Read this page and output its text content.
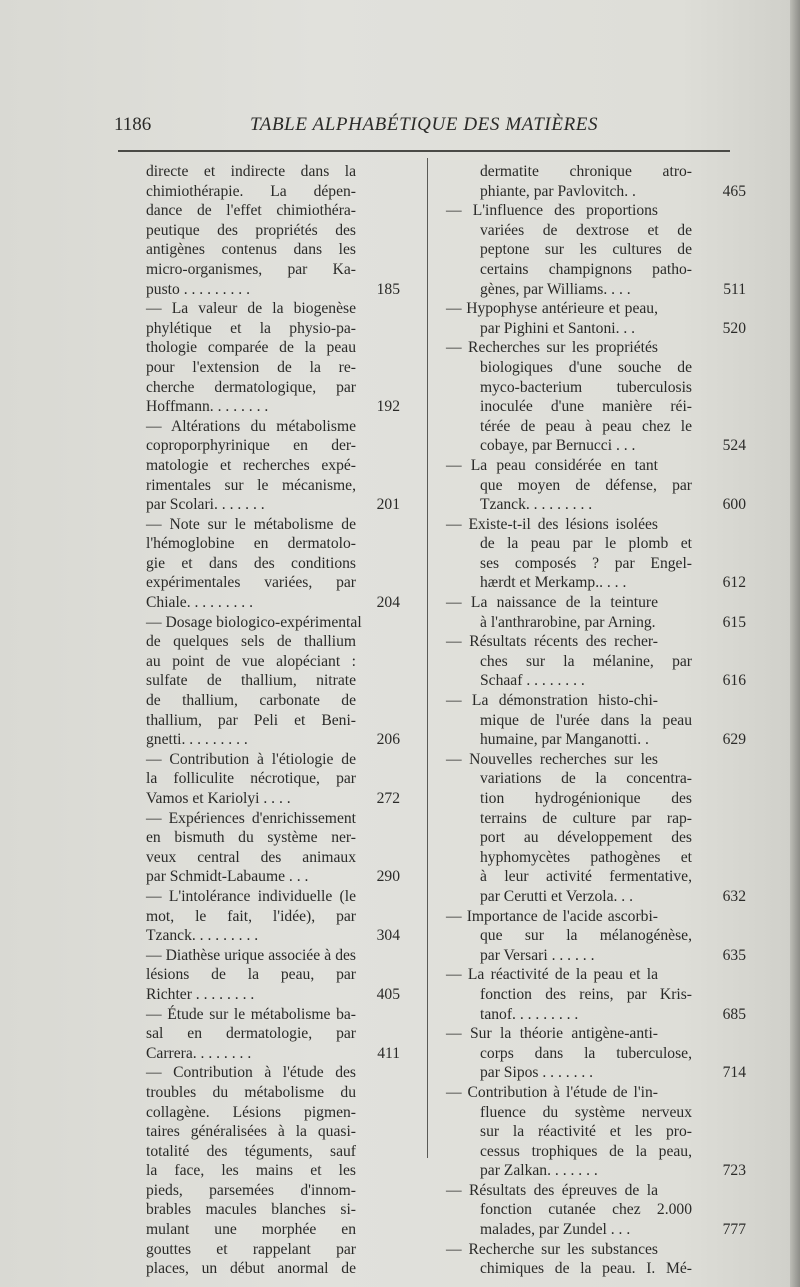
1186	TABLE ALPHABÉTIQUE DES MATIÈRES
directe et indirecte dans la
chimiothérapie. La dépen-
dance de l'effet chimiothéra-
peutique des propriétés des
antigènes contenus dans les
micro-organismes, par Ka-
pusto . . . . . . . . .	185
— La valeur de la biogenèse
phylétique et la physio-pa-
thologie comparée de la peau
pour l'extension de la re-
cherche dermatologique, par
Hoffmann. . . . . . . .	192
— Altérations du métabolisme
coproporphyrinique en der-
matologie et recherches expé-
rimentales sur le mécanisme,
par Scolari. . . . . . .	201
— Note sur le métabolisme de
l'hémoglobine en dermatolo-
gie et dans des conditions
expérimentales variées, par
Chiale. . . . . . . . .	204
— Dosage biologico-expérimental
de quelques sels de thallium
au point de vue alopéciant :
sulfate de thallium, nitrate
de thallium, carbonate de
thallium, par Peli et Beni-
gnetti. . . . . . . . .	206
— Contribution à l'étiologie de
la folliculite nécrotique, par
Vamos et Kariolyi . . . .	272
— Expériences d'enrichissement
en bismuth du système ner-
veux central des animaux
par Schmidt-Labaume . . .	290
— L'intolérance individuelle (le
mot, le fait, l'idée), par
Tzanck. . . . . . . . .	304
— Diathèse urique associée à des
lésions de la peau, par
Richter . . . . . . . .	405
— Étude sur le métabolisme ba-
sal en dermatologie, par
Carrera. . . . . . . .	411
— Contribution à l'étude des
troubles du métabolisme du
collagène. Lésions pigmen-
taires généralisées à la quasi-
totalité des téguments, sauf
la face, les mains et les
pieds, parsemées d'innom-
brables macules blanches si-
mulant une morphée en
gouttes et rappelant par
places, un début anormal de
dermatite chronique atro-
phiante, par Pavlovitch. .	465
— L'influence des proportions
variées de dextrose et de
peptone sur les cultures de
certains champignons patho-
gènes, par Williams. . . .	511
— Hypophyse antérieure et peau,
par Pighini et Santoni. . .	520
— Recherches sur les propriétés
biologiques d'une souche de
myco-bacterium tuberculosis
inoculée d'une manière réi-
térée de peau à peau chez le
cobaye, par Bernucci . . .	524
— La peau considérée en tant
que moyen de défense, par
Tzanck. . . . . . . . .	600
— Existe-t-il des lésions isolées
de la peau par le plomb et
ses composés ? par Engel-
hærdt et Merkamp.. . . .	612
— La naissance de la teinture
à l'anthrarobine, par Arning.	615
— Résultats récents des recher-
ches sur la mélanine, par
Schaaf . . . . . . . .	616
— La démonstration histo-chi-
mique de l'urée dans la peau
humaine, par Manganotti. .	629
— Nouvelles recherches sur les
variations de la concentra-
tion hydrogénionique des
terrains de culture par rap-
port au développement des
hyphomycètes pathogènes et
à leur activité fermentative,
par Cerutti et Verzola. . .	632
— Importance de l'acide ascorbi-
que sur la mélanogénèse,
par Versari . . . . . .	635
— La réactivité de la peau et la
fonction des reins, par Kris-
tanof. . . . . . . . .	685
— Sur la théorie antigène-anti-
corps dans la tuberculose,
par Sipos . . . . . . .	714
— Contribution à l'étude de l'in-
fluence du système nerveux
sur la réactivité et les pro-
cessus trophiques de la peau,
par Zalkan. . . . . . .	723
— Résultats des épreuves de la
fonction cutanée chez 2.000
malades, par Zundel . . .	777
— Recherche sur les substances
chimiques de la peau. I. Mé-
